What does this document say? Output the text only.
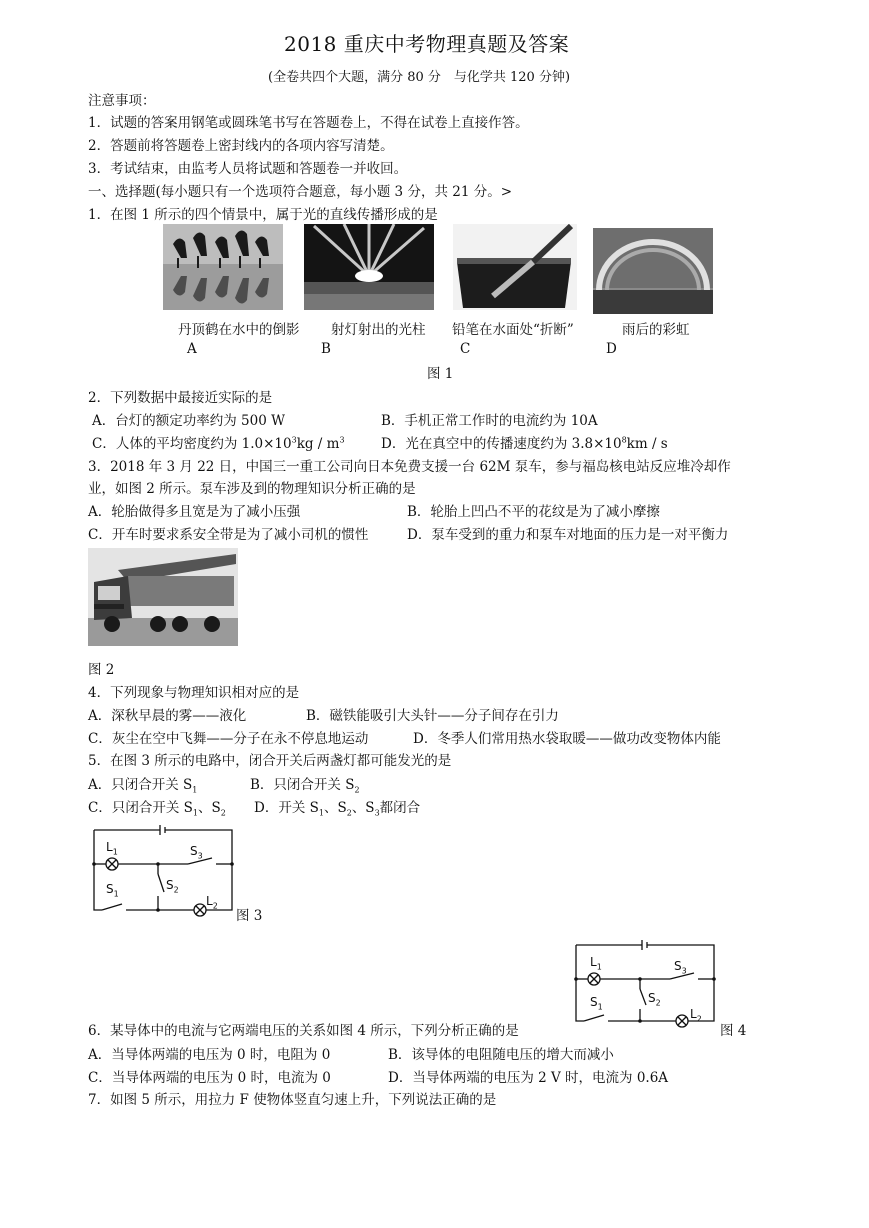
2018 重庆中考物理真题及答案
(全卷共四个大题，满分 80 分　与化学共 120 分钟)
注意事项：
1．试题的答案用钢笔或圆珠笔书写在答题卷上，不得在试卷上直接作答。
2．答题前将答题卷上密封线内的各项内容写清楚。
3．考试结束，由监考人员将试题和答题卷一并收回。
一、选择题(每小题只有一个选项符合题意，每小题 3 分，共 21 分。>
1．在图 1 所示的四个情景中，属于光的直线传播形成的是
丹顶鹤在水中的倒影 射灯射出的光柱 铅笔在水面处“折断”	雨后的彩虹
A	B	C	D
图 1
2．下列数据中最接近实际的是
A．台灯的额定功率约为 500 W	B．手机正常工作时的电流约为 10A
C．人体的平均密度约为 $1.0\times 10^3kg / m^3$	D．光在真空中的传播速度约为 $3.8\times 10^8km / s$
3．2018 年 3 月 22 日，中国三一重工公司向日本免费支援一台 62M 泵车，参与福岛核电站反应堆冷却作
业，如图 2 所示。泵车涉及到的物理知识分析正确的是
A．轮胎做得多且宽是为了减小压强	B．轮胎上凹凸不平的花纹是为了减小摩擦
C．开车时要求系安全带是为了减小司机的惯性	D．泵车受到的重力和泵车对地面的压力是一对平衡力
图 2
4．下列现象与物理知识相对应的是
A．深秋早晨的雾——液化	B．磁铁能吸引大头针——分子间存在引力
C．灰尘在空中飞舞——分子在永不停息地运动	D．冬季人们常用热水袋取暖——做功改变物体内能
5．在图 3 所示的电路中，闭合开关后两盏灯都可能发光的是
A．只闭合开关 $S_1$	B．只闭合开关 $S_2$
C．只闭合开关 $S_1$、$S_2$ D．开关 $S_1$、$S_2$、$S_3$都闭合
$L_1$	$S_3$
$S_1$
$S_2$
$L_2$
图 3
$L_1$	$S_3$
$S_1$
$S_2$
$L_2$
6．某导体中的电流与它两端电压的关系如图 4 所示，下列分析正确的是	图 4
A．当导体两端的电压为 0 时，电阻为 0	B．该导体的电阻随电压的增大而减小
C．当导体两端的电压为 0 时，电流为 0	D．当导体两端的电压为 2 V 时，电流为 0.6A
7．如图 5 所示，用拉力 F 使物体竖直匀速上升，下列说法正确的是
